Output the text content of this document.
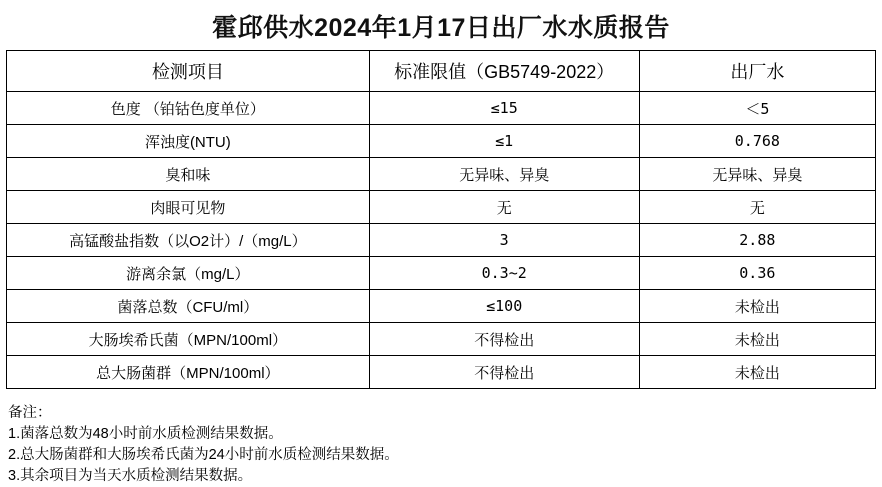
霍邱供水2024年1月17日出厂水水质报告
检测项目	标准限值（GB5749-2022）	出厂水
色度 （铂钴色度单位）	≤15	＜5
浑浊度(NTU)	≤1	0.768
臭和味	无异味、异臭	无异味、异臭
肉眼可见物	无	无
高锰酸盐指数（以O2计）/（mg/L）	3	2.88
游离余氯（mg/L）	0.3~2	0.36
菌落总数（CFU/ml）	≤100	未检出
大肠埃希氏菌（MPN/100ml）	不得检出	未检出
总大肠菌群（MPN/100ml）	不得检出	未检出
备注：
1.菌落总数为48小时前水质检测结果数据。
2.总大肠菌群和大肠埃希氏菌为24小时前水质检测结果数据。
3.其余项目为当天水质检测结果数据。
